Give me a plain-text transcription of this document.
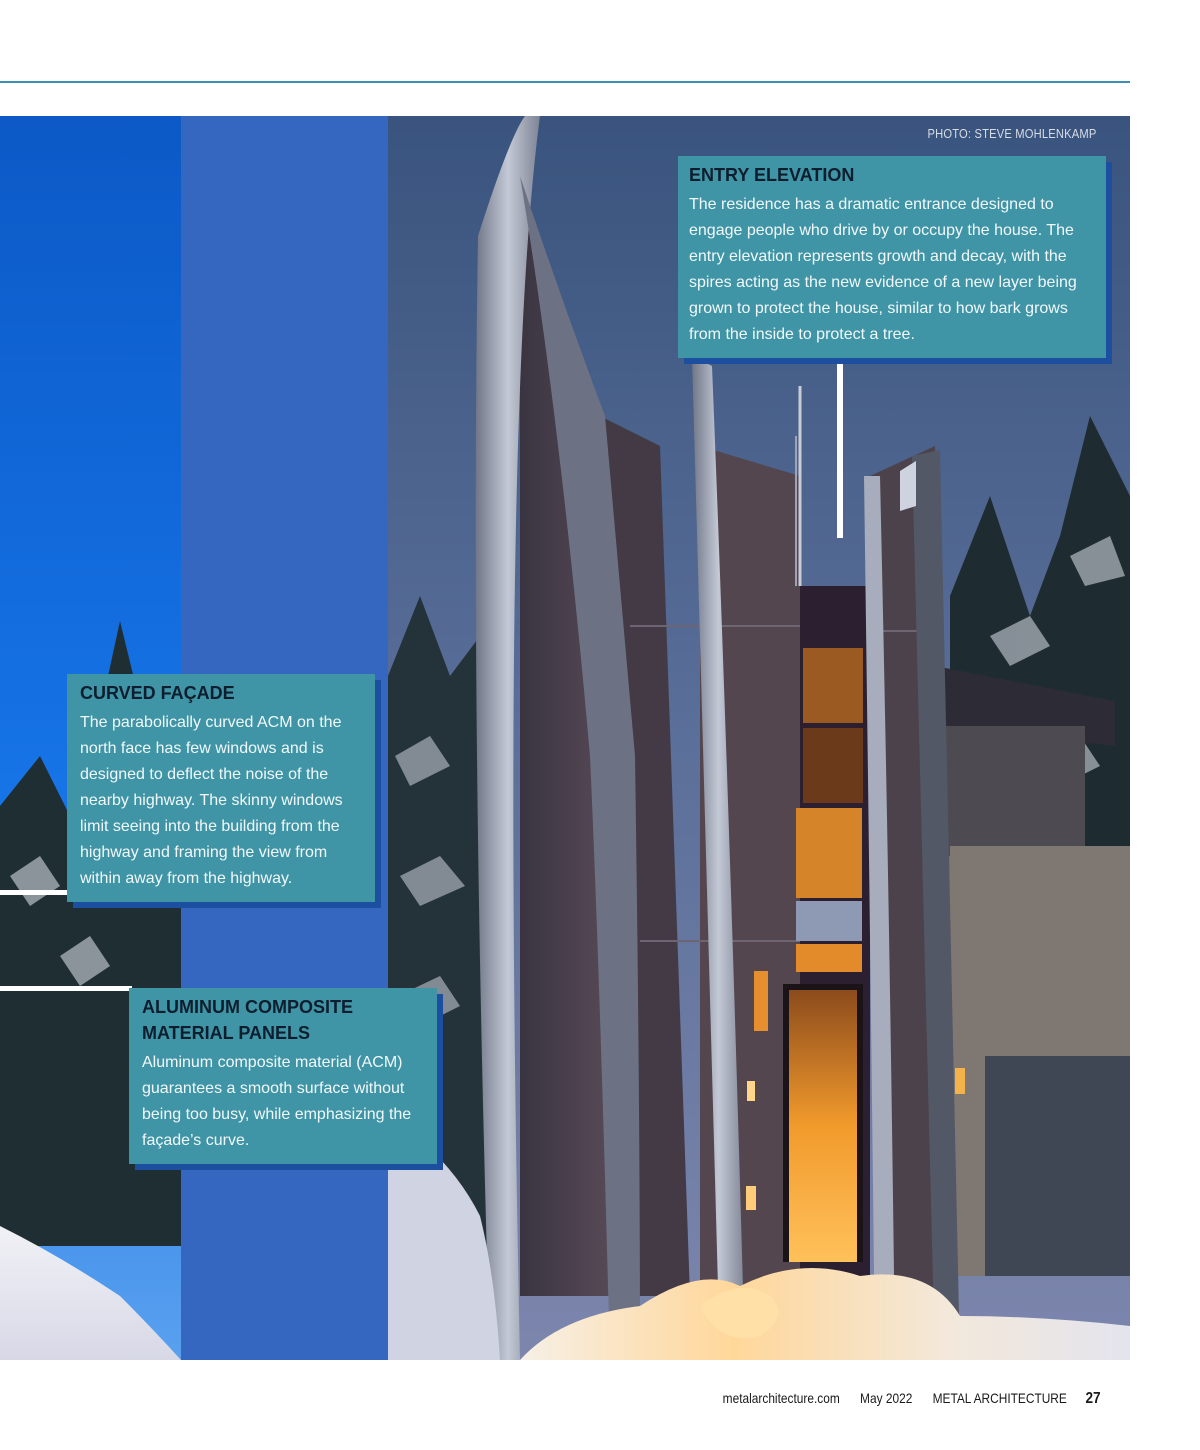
PHOTO: STEVE MOHLENKAMP
ENTRY ELEVATION

The residence has a dramatic entrance designed to engage people who drive by or occupy the house. The entry elevation represents growth and decay, with the spires acting as the new evidence of a new layer being grown to protect the house, similar to how bark grows from the inside to protect a tree.

CURVED FAÇADE

The parabolically curved ACM on the north face has few windows and is designed to deflect the noise of the nearby highway. The skinny windows limit seeing into the building from the highway and framing the view from within away from the highway.

ALUMINUM COMPOSITE MATERIAL PANELS

Aluminum composite material (ACM) guarantees a smooth surface without being too busy, while emphasizing the façade’s curve.

metalarchitecture.com May 2022 METAL ARCHITECTURE 27
